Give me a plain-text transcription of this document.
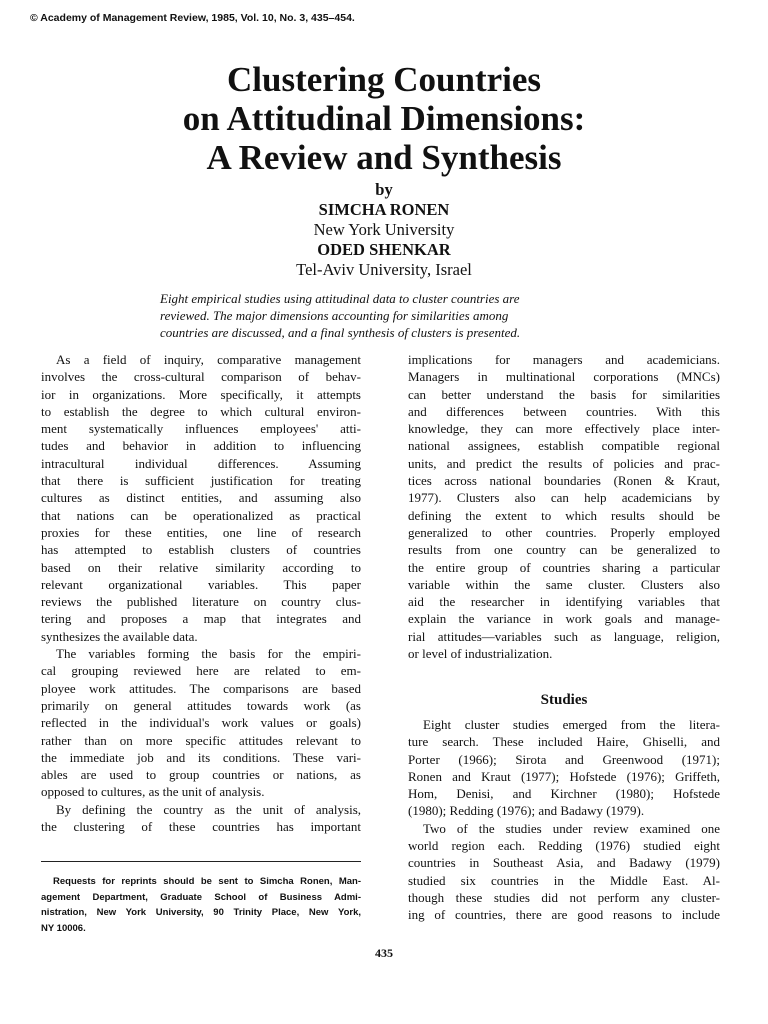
© Academy of Management Review, 1985, Vol. 10, No. 3, 435–454.
Clustering Countries
on Attitudinal Dimensions:
A Review and Synthesis
by
SIMCHA RONEN
New York University
ODED SHENKAR
Tel-Aviv University, Israel
Eight empirical studies using attitudinal data to cluster countries are
reviewed. The major dimensions accounting for similarities among
countries are discussed, and a final synthesis of clusters is presented.
As a field of inquiry, comparative management
involves the cross-cultural comparison of behav-
ior in organizations. More specifically, it attempts
to establish the degree to which cultural environ-
ment systematically influences employees' atti-
tudes and behavior in addition to influencing
intracultural individual differences. Assuming
that there is sufficient justification for treating
cultures as distinct entities, and assuming also
that nations can be operationalized as practical
proxies for these entities, one line of research
has attempted to establish clusters of countries
based on their relative similarity according to
relevant organizational variables. This paper
reviews the published literature on country clus-
tering and proposes a map that integrates and
synthesizes the available data.
The variables forming the basis for the empiri-
cal grouping reviewed here are related to em-
ployee work attitudes. The comparisons are based
primarily on general attitudes towards work (as
reflected in the individual's work values or goals)
rather than on more specific attitudes relevant to
the immediate job and its conditions. These vari-
ables are used to group countries or nations, as
opposed to cultures, as the unit of analysis.
By defining the country as the unit of analysis,
the clustering of these countries has important
Requests for reprints should be sent to Simcha Ronen, Man-
agement Department, Graduate School of Business Admi-
nistration, New York University, 90 Trinity Place, New York,
NY 10006.
implications for managers and academicians.
Managers in multinational corporations (MNCs)
can better understand the basis for similarities
and differences between countries. With this
knowledge, they can more effectively place inter-
national assignees, establish compatible regional
units, and predict the results of policies and prac-
tices across national boundaries (Ronen & Kraut,
1977). Clusters also can help academicians by
defining the extent to which results should be
generalized to other countries. Properly employed
results from one country can be generalized to
the entire group of countries sharing a particular
variable within the same cluster. Clusters also
aid the researcher in identifying variables that
explain the variance in work goals and manage-
rial attitudes—variables such as language, religion,
or level of industrialization.
Studies
Eight cluster studies emerged from the litera-
ture search. These included Haire, Ghiselli, and
Porter (1966); Sirota and Greenwood (1971);
Ronen and Kraut (1977); Hofstede (1976); Griffeth,
Hom, Denisi, and Kirchner (1980); Hofstede
(1980); Redding (1976); and Badawy (1979).
Two of the studies under review examined one
world region each. Redding (1976) studied eight
countries in Southeast Asia, and Badawy (1979)
studied six countries in the Middle East. Al-
though these studies did not perform any cluster-
ing of countries, there are good reasons to include
435
